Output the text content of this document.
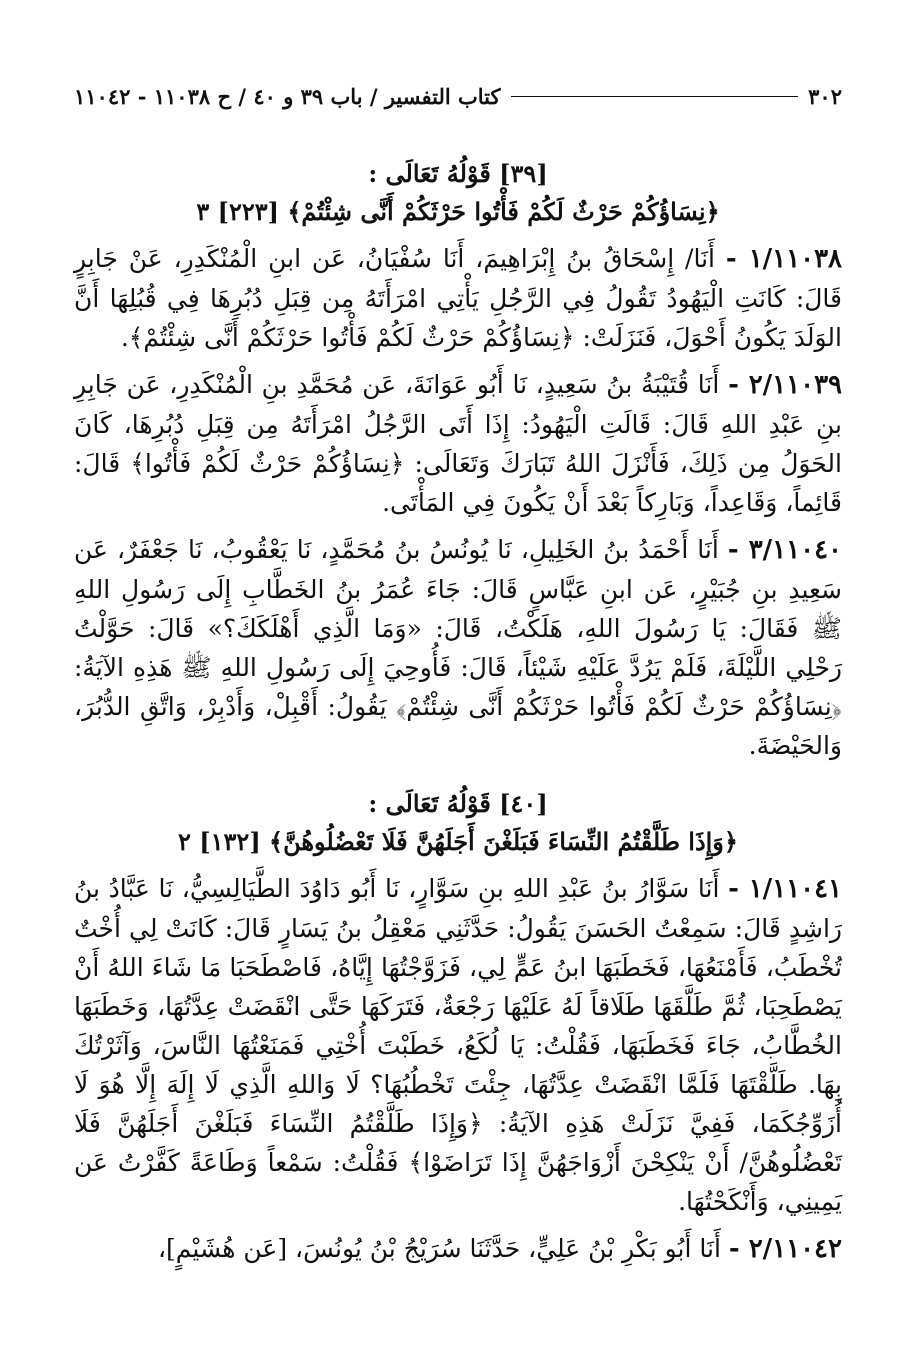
٣٠٢
كتاب التفسير / باب ٣٩ و ٤٠ / ح ١١٠٣٨ - ١١٠٤٢
[٣٩] قَوْلُهُ تَعَالَى :
﴿نِسَاؤُكُمْ حَرْثٌ لَكُمْ فَأْتُوا حَرْثَكُمْ أَنَّى شِئْتُمْ﴾ [٢٢٣] ٣

١/١١٠٣٨ - أَنَا/ إِسْحَاقُ بنُ إِبْرَاهِيمَ، أَنَا سُفْيَانُ، عَن ابنِ الْمُنْكَدِرِ، عَنْ جَابِرٍ قَالَ: كَانَتِ الْيَهُودُ تَقُولُ فِي الرَّجُلِ يَأْتِي امْرَأَتَهُ مِن قِبَلِ دُبُرِهَا فِي قُبُلِهَا أَنَّ الوَلَدَ يَكُونُ أَحْوَلَ، فَنَزَلَتْ: ﴿نِسَاؤُكُمْ حَرْثٌ لَكُمْ فَأْتُوا حَرْثَكُمْ أَنَّى شِئْتُمْ﴾.

٢/١١٠٣٩ - أَنَا قُتَيْبَةُ بنُ سَعِيدٍ، نَا أَبُو عَوَانَةَ، عَن مُحَمَّدِ بنِ الْمُنْكَدِرِ، عَن جَابِرِ بنِ عَبْدِ اللهِ قَالَ: قَالَتِ الْيَهُودُ: إِذَا أَتَى الرَّجُلُ امْرَأَتَهُ مِن قِبَلِ دُبُرِهَا، كَانَ الحَوَلُ مِن ذَلِكَ، فَأَنْزَلَ اللهُ تَبَارَكَ وَتَعَالَى: ﴿نِسَاؤُكُمْ حَرْثٌ لَكُمْ فَأْتُوا﴾ قَالَ: قَائِماً، وَقَاعِداً، وَبَارِكاً بَعْدَ أَنْ يَكُونَ فِي المَأْتَى.

٣/١١٠٤٠ - أَنَا أَحْمَدُ بنُ الخَلِيلِ، نَا يُونُسُ بنُ مُحَمَّدٍ، نَا يَعْقُوبُ، نَا جَعْفَرٌ، عَن سَعِيدِ بنِ جُبَيْرٍ، عَن ابنِ عَبَّاسٍ قَالَ: جَاءَ عُمَرُ بنُ الخَطَّابِ إِلَى رَسُولِ اللهِ ﷺ فَقَالَ: يَا رَسُولَ اللهِ، هَلَكْتُ، قَالَ: «وَمَا الَّذِي أَهْلَكَكَ؟» قَالَ: حَوَّلْتُ رَحْلِي اللَّيْلَةَ، فَلَمْ يَرُدَّ عَلَيْهِ شَيْئاً، قَالَ: فَأُوحِيَ إِلَى رَسُولِ اللهِ ﷺ هَذِهِ الآيَةُ: ﴿نِسَاؤُكُمْ حَرْثٌ لَكُمْ فَأْتُوا حَرْثَكُمْ أَنَّى شِئْتُمْ﴾ يَقُولُ: أَقْبِلْ، وَأَدْبِرْ، وَاتَّقِ الدُّبُرَ، وَالحَيْضَةَ.

[٤٠] قَوْلُهُ تَعَالَى :
﴿وَإِذَا طَلَّقْتُمُ النِّسَاءَ فَبَلَغْنَ أَجَلَهُنَّ فَلَا تَعْضُلُوهُنَّ﴾ [١٣٢] ٢

١/١١٠٤١ - أَنَا سَوَّارُ بنُ عَبْدِ اللهِ بنِ سَوَّارٍ، نَا أَبُو دَاوُدَ الطَّيَالِسِيُّ، نَا عَبَّادُ بنُ رَاشِدٍ قَالَ: سَمِعْتُ الحَسَنَ يَقُولُ: حَدَّثَنِي مَعْقِلُ بنُ يَسَارٍ قَالَ: كَانَتْ لِي أُخْتٌ تُخْطَبُ، فَأَمْنَعُهَا، فَخَطَبَهَا ابنُ عَمٍّ لِي، فَزَوَّجْتُهَا إِيَّاهُ، فَاصْطَحَبَا مَا شَاءَ اللهُ أَنْ يَصْطَحِبَا، ثُمَّ طَلَّقَهَا طَلَاقاً لَهُ عَلَيْهَا رَجْعَةٌ، فَتَرَكَهَا حَتَّى انْقَضَتْ عِدَّتُهَا، وَخَطَبَهَا الخُطَّابُ، جَاءَ فَخَطَبَهَا، فَقُلْتُ: يَا لُكَعُ، خَطَبْتَ أُخْتِي فَمَنَعْتُهَا النَّاسَ، وَآثَرْتُكَ بِهَا. طَلَّقْتَهَا فَلَمَّا انْقَضَتْ عِدَّتُهَا، جِئْتَ تَخْطُبُهَا؟ لَا وَاللهِ الَّذِي لَا إِلَهَ إِلَّا هُوَ لَا أُزَوِّجُكَمَا، فَفِيَّ نَزَلَتْ هَذِهِ الآيَةُ: ﴿وَإِذَا طَلَّقْتُمُ النِّسَاءَ فَبَلَغْنَ أَجَلَهُنَّ فَلَا تَعْضُلُوهُنَّ/ أَنْ يَنْكِحْنَ أَزْوَاجَهُنَّ إِذَا تَرَاضَوْا﴾ فَقُلْتُ: سَمْعاً وَطَاعَةً كَفَّرْتُ عَن يَمِينِي، وَأَنْكَحْتُهَا.

٢/١١٠٤٢ - أَنَا أَبُو بَكْرِ بْنُ عَلِيٍّ، حَدَّثَنَا سُرَيْجُ بْنُ يُونُسَ، [عَن هُشَيْمٍ]،
